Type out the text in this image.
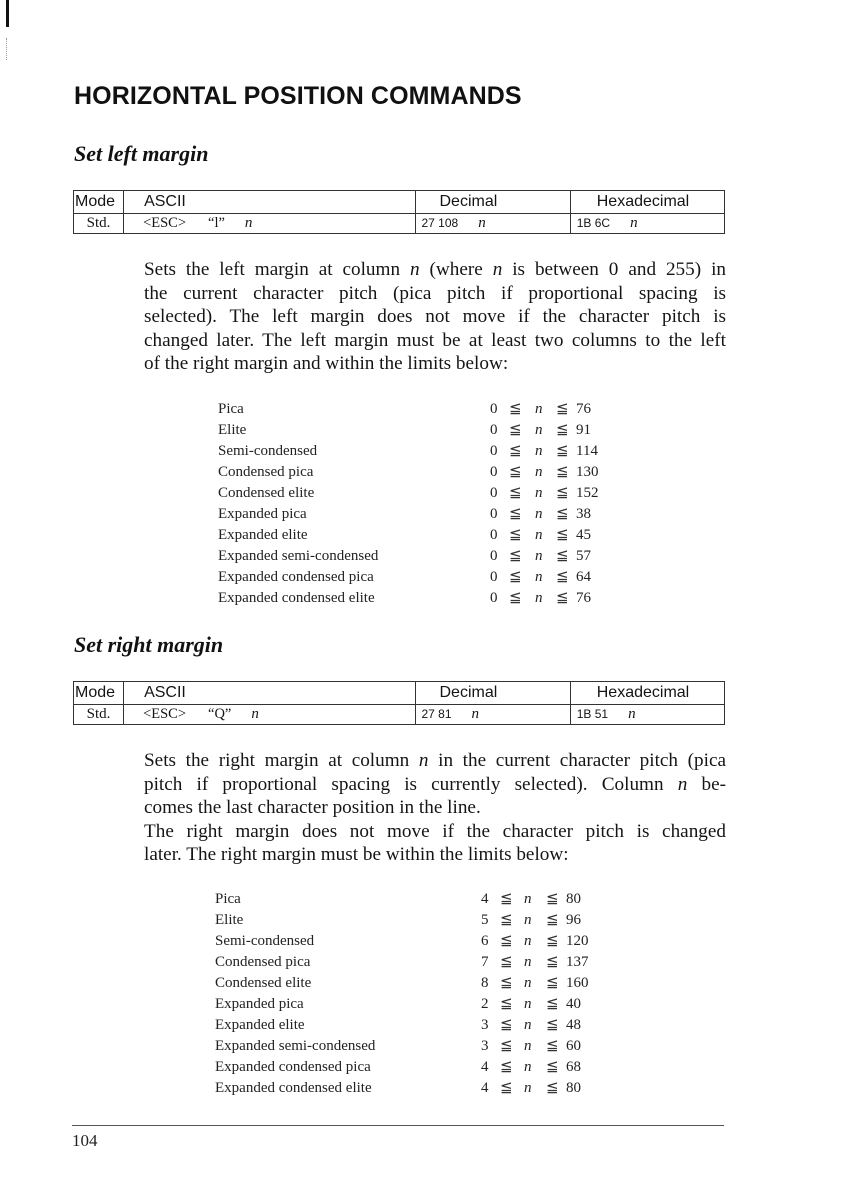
HORIZONTAL POSITION COMMANDS
Set left margin
Mode	ASCII	Decimal	Hexadecimal
Std.	<ESC> “l” n	27 108 n	1B 6C n

Sets the left margin at column n (where n is between 0 and 255) in
the current character pitch (pica pitch if proportional spacing is
selected). The left margin does not move if the character pitch is
changed later. The left margin must be at least two columns to the left
of the right margin and within the limits below:

Pica	0 ≦ n ≦ 76
Elite	0 ≦ n ≦ 91
Semi-condensed	0 ≦ n ≦ 114
Condensed pica	0 ≦ n ≦ 130
Condensed elite	0 ≦ n ≦ 152
Expanded pica	0 ≦ n ≦ 38
Expanded elite	0 ≦ n ≦ 45
Expanded semi-condensed	0 ≦ n ≦ 57
Expanded condensed pica	0 ≦ n ≦ 64
Expanded condensed elite	0 ≦ n ≦ 76
Set right margin
Mode	ASCII	Decimal	Hexadecimal
Std.	<ESC> “Q” n	27 81 n	1B 51 n

Sets the right margin at column n in the current character pitch (pica
pitch if proportional spacing is currently selected). Column n be-
comes the last character position in the line.
The right margin does not move if the character pitch is changed
later. The right margin must be within the limits below:

Pica	4 ≦ n ≦ 80
Elite	5 ≦ n ≦ 96
Semi-condensed	6 ≦ n ≦ 120
Condensed pica	7 ≦ n ≦ 137
Condensed elite	8 ≦ n ≦ 160
Expanded pica	2 ≦ n ≦ 40
Expanded elite	3 ≦ n ≦ 48
Expanded semi-condensed	3 ≦ n ≦ 60
Expanded condensed pica	4 ≦ n ≦ 68
Expanded condensed elite	4 ≦ n ≦ 80
104
